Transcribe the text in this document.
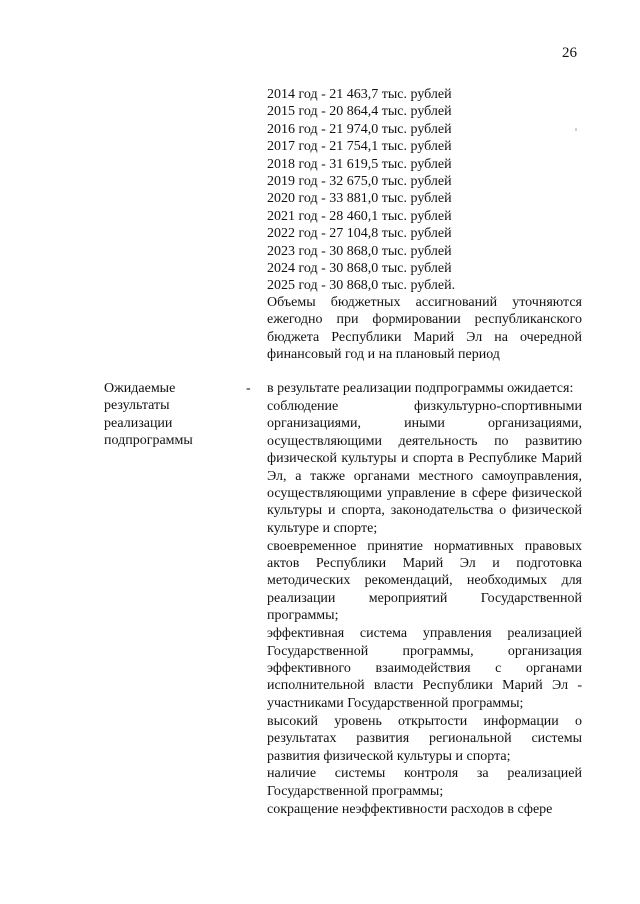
26
2014 год - 21 463,7 тыс. рублей
2015 год - 20 864,4 тыс. рублей
2016 год - 21 974,0 тыс. рублей
2017 год - 21 754,1 тыс. рублей
2018 год - 31 619,5 тыс. рублей
2019 год - 32 675,0 тыс. рублей
2020 год - 33 881,0 тыс. рублей
2021 год - 28 460,1 тыс. рублей
2022 год - 27 104,8 тыс. рублей
2023 год - 30 868,0 тыс. рублей
2024 год - 30 868,0 тыс. рублей
2025 год - 30 868,0 тыс. рублей.

Объемы бюджетных ассигнований уточняются ежегодно при формировании республиканского бюджета Республики Марий Эл на очередной финансовый год и на плановый период

Ожидаемые
результаты
реализации
подпрограммы
- в результате реализации подпрограммы ожидается:

соблюдение физкультурно-спортивными организациями, иными организациями, осуществляющими деятельность по развитию физической культуры и спорта в Республике Марий Эл, а также органами местного самоуправления, осуществляющими управление в сфере физической культуры и спорта, законодательства о физической культуре и спорте;

своевременное принятие нормативных правовых актов Республики Марий Эл и подготовка методических рекомендаций, необходимых для реализации мероприятий Государственной программы;

эффективная система управления реализацией Государственной программы, организация эффективного взаимодействия с органами исполнительной власти Республики Марий Эл - участниками Государственной программы;

высокий уровень открытости информации о результатах развития региональной системы развития физической культуры и спорта;

наличие системы контроля за реализацией Государственной программы;

сокращение неэффективности расходов в сфере
